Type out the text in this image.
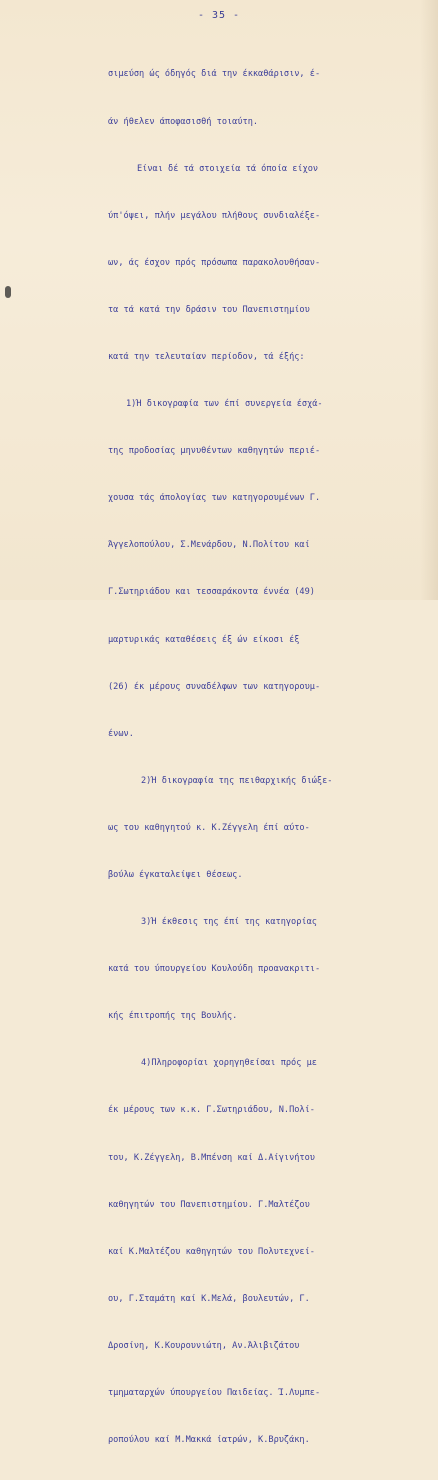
- 35 -

σιμεύση ώς όδηγός διά την έκκαθάρισιν, έ-

άν ήθελεν άποφασισθή τοιαύτη.

Είναι δέ τά στοιχεία τά όποία είχον

ύπ'όψει, πλήν μεγάλου πλήθους συνδιαλέξε-

ων, άς έσχον πρός πρόσωπα παρακολουθήσαν-

τα τά κατά την δράσιν του Πανεπιστημίου

κατά την τελευταίαν περίοδον, τά έξής:

1)Ή δικογραφία των έπί συνεργεία έσχά-

της προδοσίας μηνυθέντων καθηγητών περιέ-

χουσα τάς άπολογίας των κατηγορουμένων Γ.

Άγγελοπούλου, Σ.Μενάρδου, Ν.Πολίτου καί

Γ.Σωτηριάδου και τεσσαράκοντα έννέα (49)

μαρτυρικάς καταθέσεις έξ ών είκοσι έξ

(26) έκ μέρους συναδέλφων των κατηγορουμ-

ένων.

2)Ή δικογραφία της πειθαρχικής διώξε-

ως του καθηγητού κ. Κ.Ζέγγελη έπί αύτο-

βούλω έγκαταλείψει θέσεως.

3)Ή έκθεσις της έπί της κατηγορίας

κατά του ύπουργείου Κουλούδη προανακριτι-

κής έπιτροπής της Βουλής.

4)Πληροφορίαι χορηγηθείσαι πρός με

έκ μέρους των κ.κ. Γ.Σωτηριάδου, Ν.Πολί-

του, Κ.Ζέγγελη, Β.Μπένση καί Δ.Αίγινήτου

καθηγητών του Πανεπιστημίου. Γ.Μαλτέζου

καί Κ.Μαλτέζου καθηγητών του Πολυτεχνεί-

ου, Γ.Σταμάτη καί Κ.Μελά, βουλευτών, Γ.

Δροσίνη, Κ.Κουρουνιώτη, Αν.Άλιβιζάτου

τμηματαρχών ύπουργείου Παιδείας. Ί.Λυμπε-

ροπούλου καί Μ.Μακκά ίατρών, Κ.Βρυζάκη.
